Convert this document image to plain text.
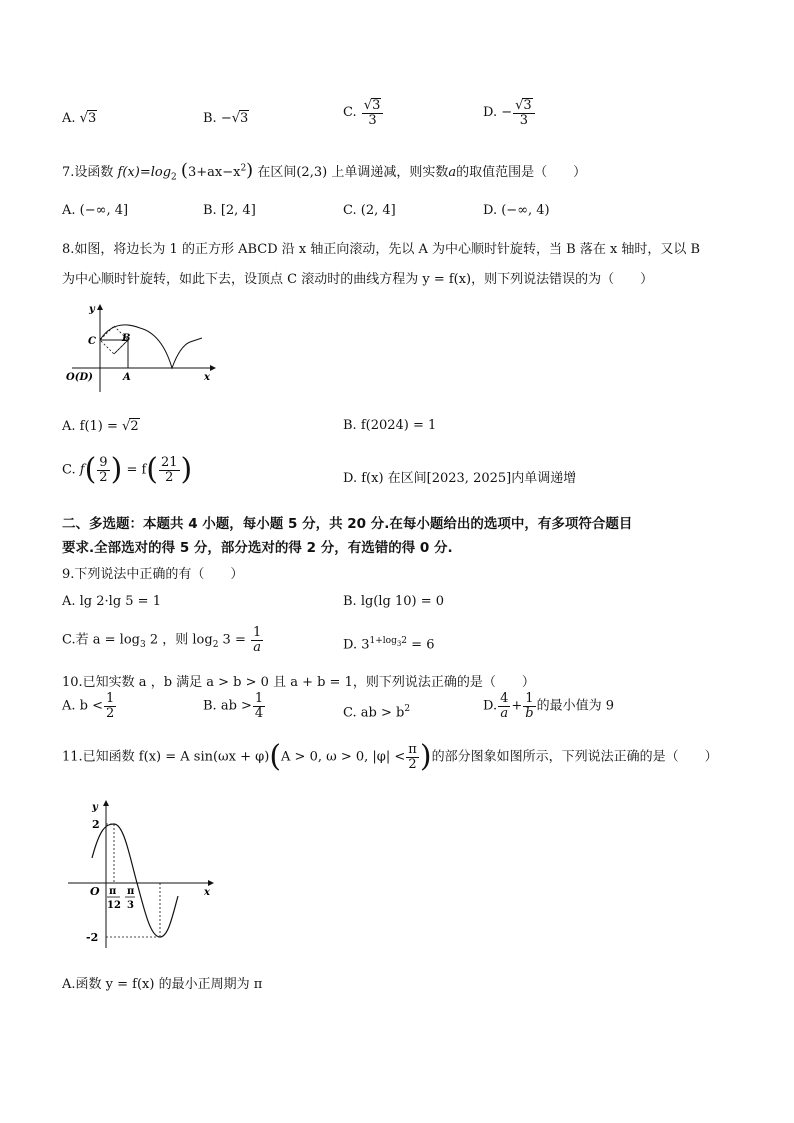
A. √3	B. −√3	C. $\frac{√3}{3}$	D. − $\frac{√3}{3}$
7.设函数 $f(x)=\log_2$ $(3+ax-x^2)$ 在区间(2,3) 上单调递减，则实数a的取值范围是（　　）
A. (−∞, 4]	B. [2, 4]	C. (2, 4]	D. (−∞, 4)
8.如图，将边长为 1 的正方形 ABCD 沿 x 轴正向滚动，先以 A 为中心顺时针旋转，当 B 落在 x 轴时，又以 B
为中心顺时针旋转，如此下去，设顶点 C 滚动时的曲线方程为 y = f(x)，则下列说法错误的为（　　）
y
C	B
O(D)	A	x
A. f(1) = √2	B. f(2024) = 1
C. $f( \frac{9}{2}$ ) = $f( \frac{21}{2}$ )	D. f(x) 在区间[2023, 2025]内单调递增
二、多选题：本题共 4 小题，每小题 5 分，共 20 分.在每小题给出的选项中，有多项符合题目
要求.全部选对的得 5 分，部分选对的得 2 分，有选错的得 0 分.
9.下列说法中正确的有（　　）
A. lg 2·lg 5 = 1	B. lg(lg 10) = 0
C.若 $a = \log_3 2$ ，则 $\log_2 3 = \frac{1}{a}$	D. $3^{1+log_32} = 6$
10.已知实数 a ，b 满足 a > b > 0 且 a + b = 1，则下列说法正确的是（　　）
A. $b < \frac{1}{2}$	B. ab > $\frac{1}{4}$	C. ab > $b^2$	D. $\frac{4}{a} + \frac{1}{b}$ 的最小值为 9
11.已知函数 f(x) = A sin(ωx + φ)(A > 0, ω > 0, $|\varphi| < \frac{\pi}{2}$ )的部分图象如图所示，下列说法正确的是（　　）
y
2
O π
12
π
3
x
-2
A.函数 y = f(x) 的最小正周期为 π
